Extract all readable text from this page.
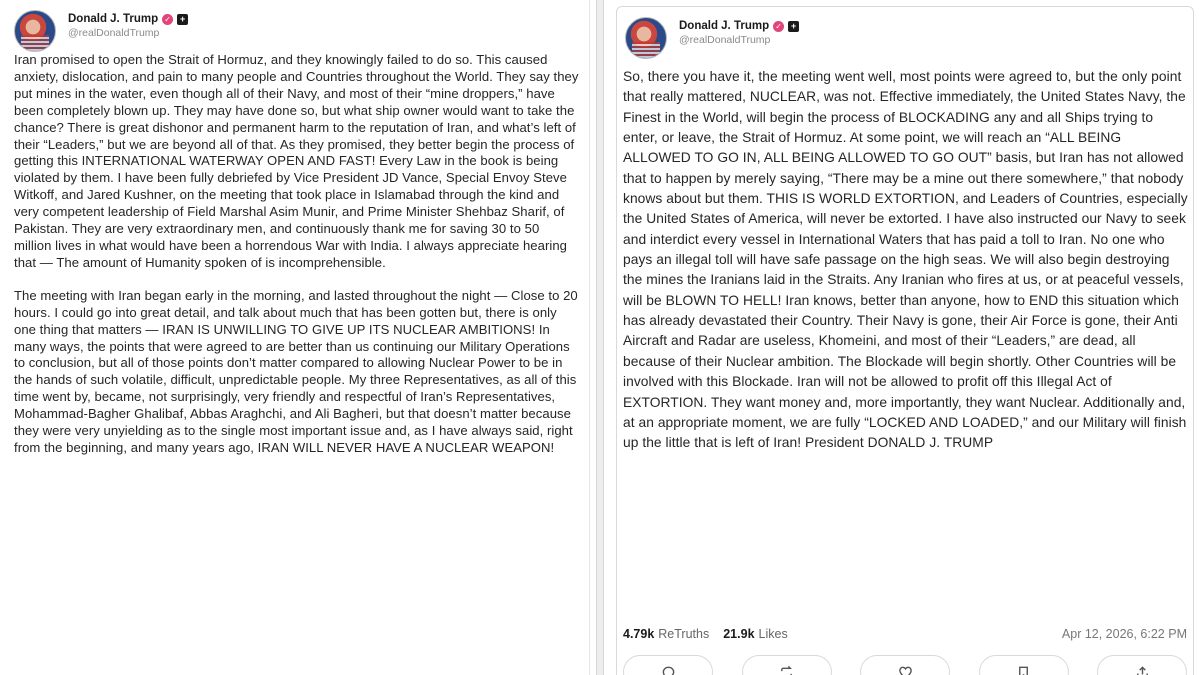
Donald J. Trump ✓	+
@realDonaldTrump

Iran promised to open the Strait of Hormuz, and they knowingly failed to do so. This caused anxiety, dislocation, and pain to many people and Countries throughout the World. They say they put mines in the water, even though all of their Navy, and most of their “mine droppers,” have been completely blown up. They may have done so, but what ship owner would want to take the chance? There is great dishonor and permanent harm to the reputation of Iran, and what’s left of their “Leaders,” but we are beyond all of that. As they promised, they better begin the process of getting this INTERNATIONAL WATERWAY OPEN AND FAST! Every Law in the book is being violated by them. I have been fully debriefed by Vice President JD Vance, Special Envoy Steve Witkoff, and Jared Kushner, on the meeting that took place in Islamabad through the kind and very competent leadership of Field Marshal Asim Munir, and Prime Minister Shehbaz Sharif, of Pakistan. They are very extraordinary men, and continuously thank me for saving 30 to 50 million lives in what would have been a horrendous War with India. I always appreciate hearing that — The amount of Humanity spoken of is incomprehensible.

The meeting with Iran began early in the morning, and lasted throughout the night — Close to 20 hours. I could go into great detail, and talk about much that has been gotten but, there is only one thing that matters — IRAN IS UNWILLING TO GIVE UP ITS NUCLEAR AMBITIONS! In many ways, the points that were agreed to are better than us continuing our Military Operations to conclusion, but all of those points don’t matter compared to allowing Nuclear Power to be in the hands of such volatile, difficult, unpredictable people. My three Representatives, as all of this time went by, became, not surprisingly, very friendly and respectful of Iran’s Representatives, Mohammad-Bagher Ghalibaf, Abbas Araghchi, and Ali Bagheri, but that doesn’t matter because they were very unyielding as to the single most important issue and, as I have always said, right from the beginning, and many years ago, IRAN WILL NEVER HAVE A NUCLEAR WEAPON!

Donald J. Trump ✓	+
@realDonaldTrump

So, there you have it, the meeting went well, most points were agreed to, but the only point that really mattered, NUCLEAR, was not. Effective immediately, the United States Navy, the Finest in the World, will begin the process of BLOCKADING any and all Ships trying to enter, or leave, the Strait of Hormuz. At some point, we will reach an “ALL BEING ALLOWED TO GO IN, ALL BEING ALLOWED TO GO OUT” basis, but Iran has not allowed that to happen by merely saying, “There may be a mine out there somewhere,” that nobody knows about but them. THIS IS WORLD EXTORTION, and Leaders of Countries, especially the United States of America, will never be extorted. I have also instructed our Navy to seek and interdict every vessel in International Waters that has paid a toll to Iran. No one who pays an illegal toll will have safe passage on the high seas. We will also begin destroying the mines the Iranians laid in the Straits. Any Iranian who fires at us, or at peaceful vessels, will be BLOWN TO HELL! Iran knows, better than anyone, how to END this situation which has already devastated their Country. Their Navy is gone, their Air Force is gone, their Anti Aircraft and Radar are useless, Khomeini, and most of their “Leaders,” are dead, all because of their Nuclear ambition. The Blockade will begin shortly. Other Countries will be involved with this Blockade. Iran will not be allowed to profit off this Illegal Act of EXTORTION. They want money and, more importantly, they want Nuclear. Additionally and, at an appropriate moment, we are fully “LOCKED AND LOADED,” and our Military will finish up the little that is left of Iran! President DONALD J. TRUMP

4.79k ReTruths 21.9k Likes	Apr 12, 2026, 6:22 PM
